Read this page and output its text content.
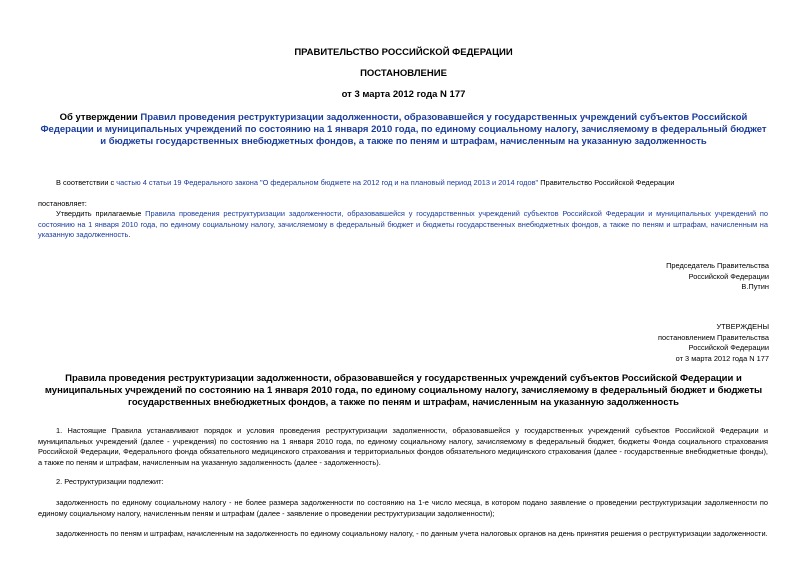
ПРАВИТЕЛЬСТВО РОССИЙСКОЙ ФЕДЕРАЦИИ
ПОСТАНОВЛЕНИЕ
от 3 марта 2012 года N 177
Об утверждении Правил проведения реструктуризации задолженности, образовавшейся у государственных учреждений субъектов Российской Федерации и муниципальных учреждений по состоянию на 1 января 2010 года, по единому социальному налогу, зачисляемому в федеральный бюджет и бюджеты государственных внебюджетных фондов, а также по пеням и штрафам, начисленным на указанную задолженность
В соответствии с частью 4 статьи 19 Федерального закона "О федеральном бюджете на 2012 год и на плановый период 2013 и 2014 годов" Правительство Российской Федерации
постановляет:
Утвердить прилагаемые Правила проведения реструктуризации задолженности, образовавшейся у государственных учреждений субъектов Российской Федерации и муниципальных учреждений по состоянию на 1 января 2010 года, по единому социальному налогу, зачисляемому в федеральный бюджет и бюджеты государственных внебюджетных фондов, а также по пеням и штрафам, начисленным на указанную задолженность.
Председатель Правительства
Российской Федерации
В.Путин
УТВЕРЖДЕНЫ
постановлением Правительства
Российской Федерации
от 3 марта 2012 года N 177
Правила проведения реструктуризации задолженности, образовавшейся у государственных учреждений субъектов Российской Федерации и муниципальных учреждений по состоянию на 1 января 2010 года, по единому социальному налогу, зачисляемому в федеральный бюджет и бюджеты государственных внебюджетных фондов, а также по пеням и штрафам, начисленным на указанную задолженность
1. Настоящие Правила устанавливают порядок и условия проведения реструктуризации задолженности, образовавшейся у государственных учреждений субъектов Российской Федерации и муниципальных учреждений (далее - учреждения) по состоянию на 1 января 2010 года, по единому социальному налогу, зачисляемому в федеральный бюджет, бюджеты Фонда социального страхования Российской Федерации, Федерального фонда обязательного медицинского страхования и территориальных фондов обязательного медицинского страхования (далее - государственные внебюджетные фонды), а также по пеням и штрафам, начисленным на указанную задолженность (далее - задолженность).
2. Реструктуризации подлежит:
задолженность по единому социальному налогу - не более размера задолженности по состоянию на 1-е число месяца, в котором подано заявление о проведении реструктуризации задолженности по единому социальному налогу, начисленным пеням и штрафам (далее - заявление о проведении реструктуризации задолженности);
задолженность по пеням и штрафам, начисленным на задолженность по единому социальному налогу, - по данным учета налоговых органов на день принятия решения о реструктуризации задолженности.
